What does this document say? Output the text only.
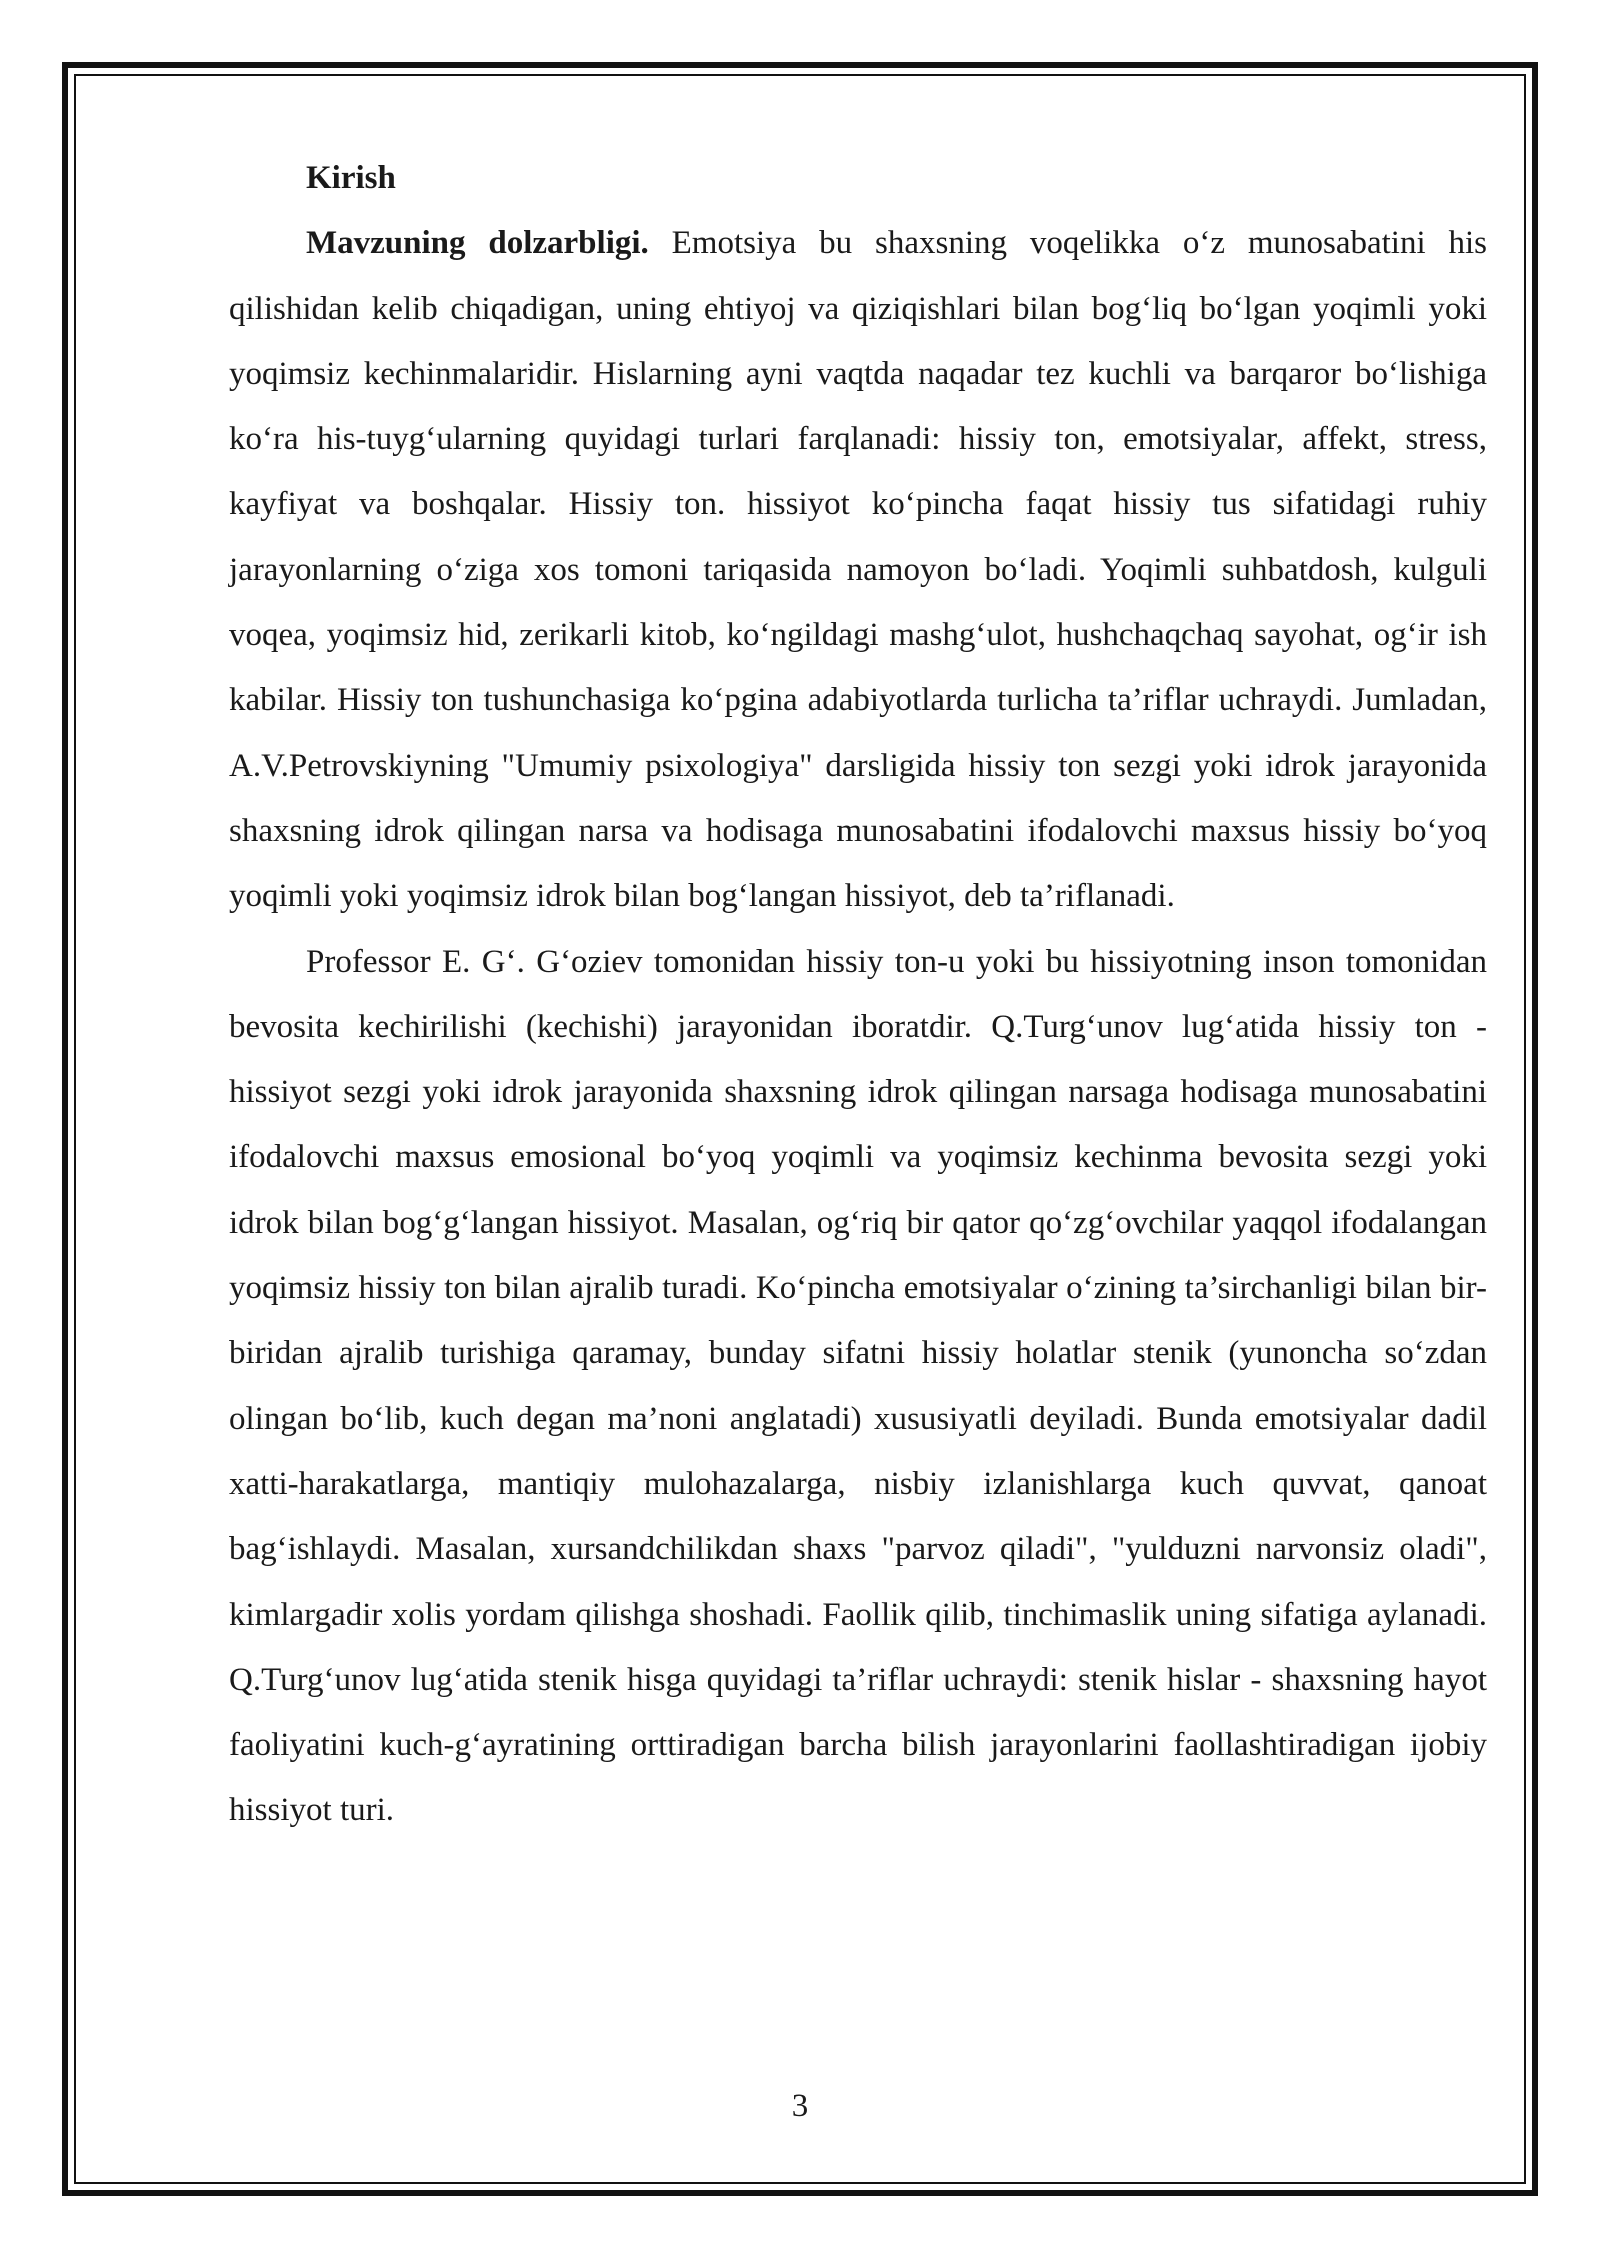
Kirish

Mavzuning dolzarbligi. Emotsiya bu shaxsning voqelikka o‘z munosabatini his qilishidan kelib chiqadigan, uning ehtiyoj va qiziqishlari bilan bog‘liq bo‘lgan yoqimli yoki yoqimsiz kechinmalaridir. Hislarning ayni vaqtda naqadar tez kuchli va barqaror bo‘lishiga ko‘ra his-tuyg‘ularning quyidagi turlari farqlanadi: hissiy ton, emotsiyalar, affekt, stress, kayfiyat va boshqalar. Hissiy ton. hissiyot ko‘pincha faqat hissiy tus sifatidagi ruhiy jarayonlarning o‘ziga xos tomoni tariqasida namoyon bo‘ladi. Yoqimli suhbatdosh, kulguli voqea, yoqimsiz hid, zerikarli kitob, ko‘ngildagi mashg‘ulot, hushchaqchaq sayohat, og‘ir ish kabilar. Hissiy ton tushunchasiga ko‘pgina adabiyotlarda turlicha ta’riflar uchraydi. Jumladan, A.V.Petrovskiyning "Umumiy psixologiya" darsligida hissiy ton sezgi yoki idrok jarayonida shaxsning idrok qilingan narsa va hodisaga munosabatini ifodalovchi maxsus hissiy bo‘yoq yoqimli yoki yoqimsiz idrok bilan bog‘langan hissiyot, deb ta’riflanadi.

Professor E. G‘. G‘oziev tomonidan hissiy ton-u yoki bu hissiyotning inson tomonidan bevosita kechirilishi (kechishi) jarayonidan iboratdir. Q.Turg‘unov lug‘atida hissiy ton - hissiyot sezgi yoki idrok jarayonida shaxsning idrok qilingan narsaga hodisaga munosabatini ifodalovchi maxsus emosional bo‘yoq yoqimli va yoqimsiz kechinma bevosita sezgi yoki idrok bilan bog‘g‘langan hissiyot. Masalan, og‘riq bir qator qo‘zg‘ovchilar yaqqol ifodalangan yoqimsiz hissiy ton bilan ajralib turadi. Ko‘pincha emotsiyalar o‘zining ta’sirchanligi bilan bir-biridan ajralib turishiga qaramay, bunday sifatni hissiy holatlar stenik (yunoncha so‘zdan olingan bo‘lib, kuch degan ma’noni anglatadi) xususiyatli deyiladi. Bunda emotsiyalar dadil xatti-harakatlarga, mantiqiy mulohazalarga, nisbiy izlanishlarga kuch quvvat, qanoat bag‘ishlaydi. Masalan, xursandchilikdan shaxs "parvoz qiladi", "yulduzni narvonsiz oladi", kimlargadir xolis yordam qilishga shoshadi. Faollik qilib, tinchimaslik uning sifatiga aylanadi. Q.Turg‘unov lug‘atida stenik hisga quyidagi ta’riflar uchraydi: stenik hislar - shaxsning hayot faoliyatini kuch-g‘ayratining orttiradigan barcha bilish jarayonlarini faollashtiradigan ijobiy hissiyot turi.

3
